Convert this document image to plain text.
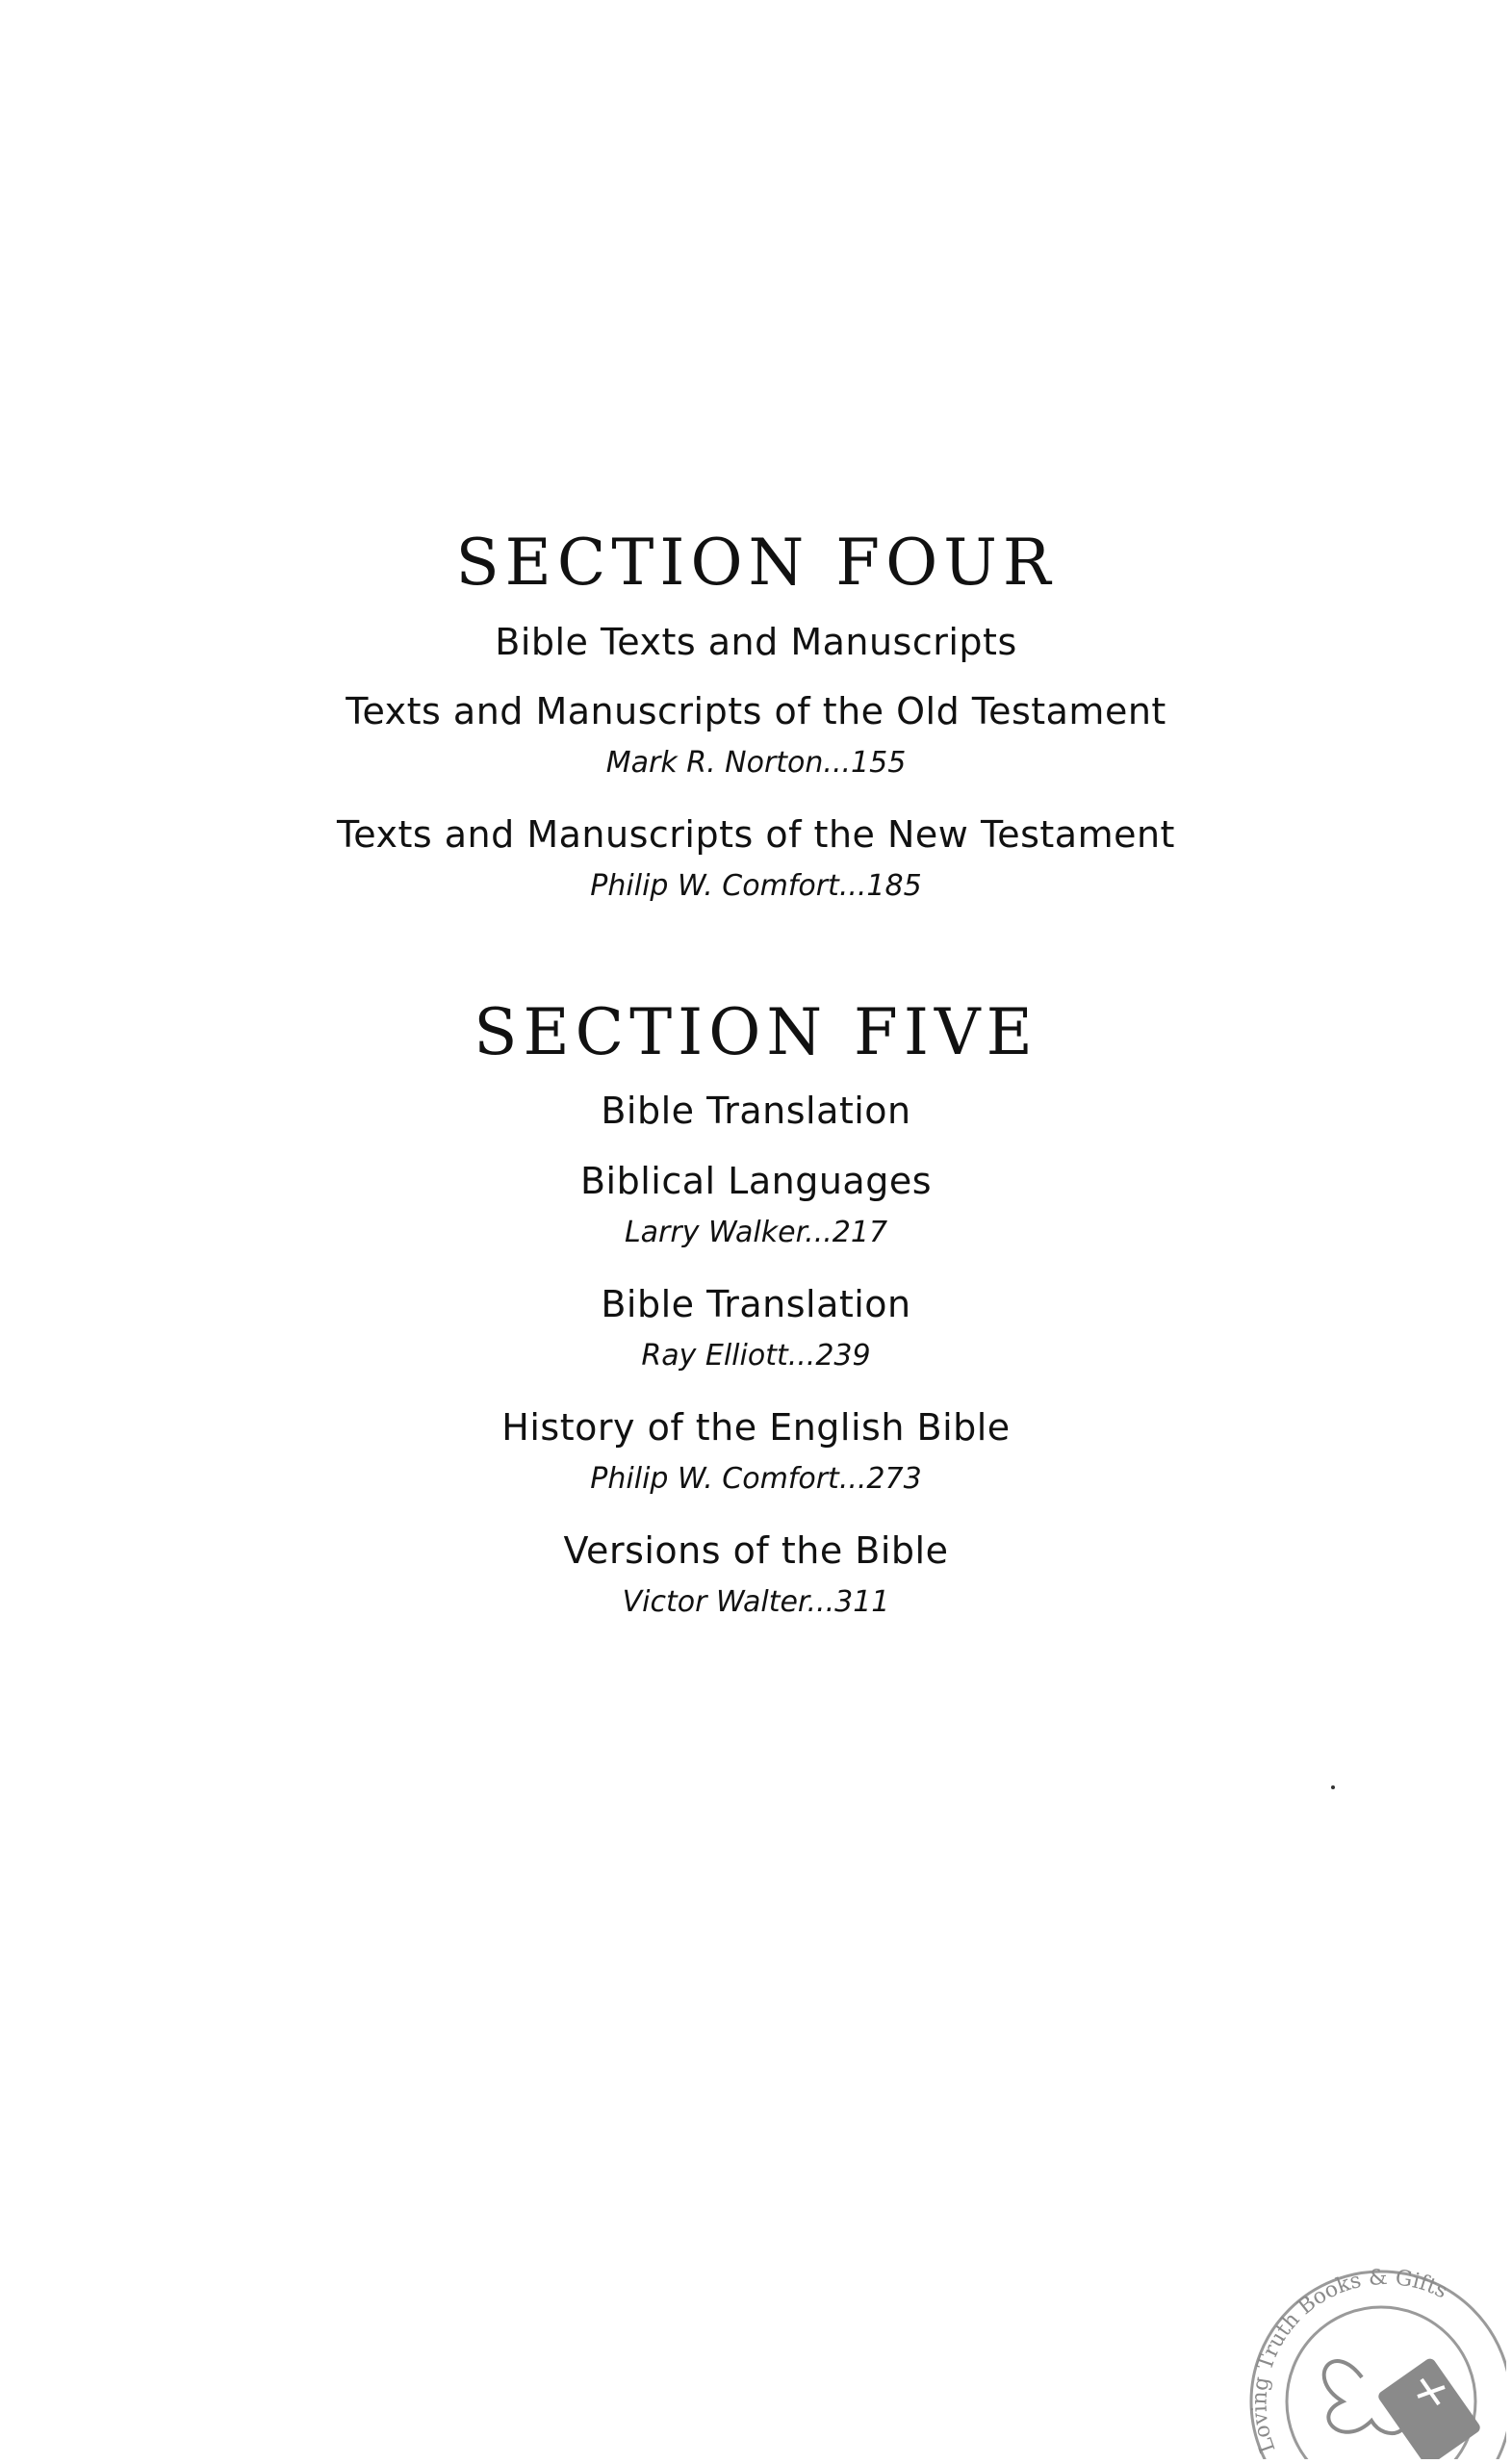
SECTION FOUR
Bible Texts and Manuscripts
Texts and Manuscripts of the Old Testament
Mark R. Norton...155
Texts and Manuscripts of the New Testament
Philip W. Comfort...185
SECTION FIVE
Bible Translation
Biblical Languages
Larry Walker...217
Bible Translation
Ray Elliott...239
History of the English Bible
Philip W. Comfort...273
Versions of the Bible
Victor Walter...311
Loving Truth Books & Gifts
